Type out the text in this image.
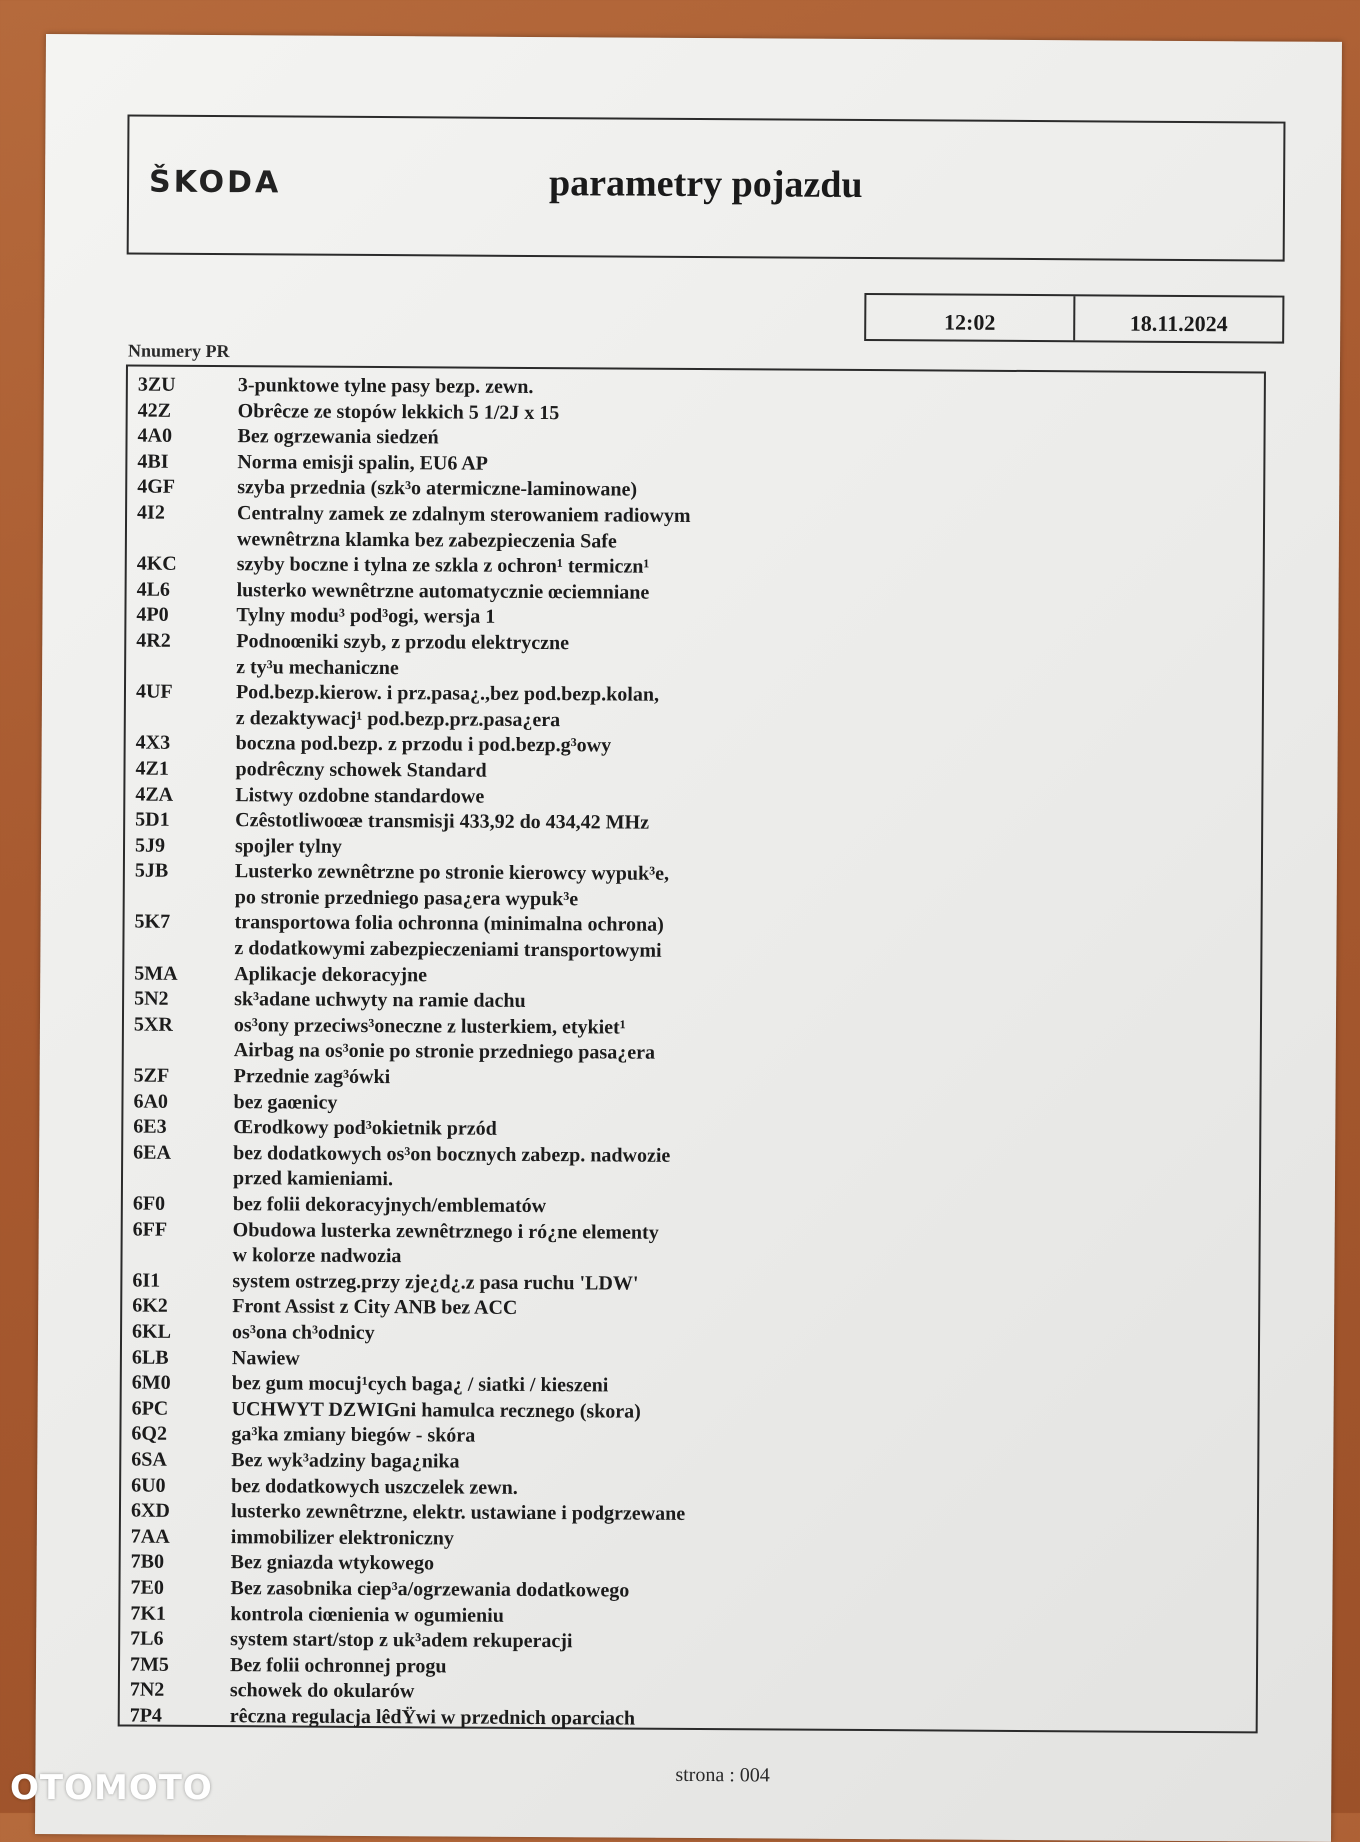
ŠKODA	parametry pojazdu
12:02	18.11.2024
Nnumery PR
3ZU	3-punktowe tylne pasy bezp. zewn.
42Z	Obrêcze ze stopów lekkich 5 1/2J x 15
4A0	Bez ogrzewania siedzeń
4BI	Norma emisji spalin, EU6 AP
4GF	szyba przednia (szk³o atermiczne-laminowane)
4I2	Centralny zamek ze zdalnym sterowaniem radiowym
wewnêtrzna klamka bez zabezpieczenia Safe
4KC	szyby boczne i tylna ze szkla z ochron¹ termiczn¹
4L6	lusterko wewnêtrzne automatycznie œciemniane
4P0	Tylny modu³ pod³ogi, wersja 1
4R2	Podnoœniki szyb, z przodu elektryczne
z ty³u mechaniczne
4UF	Pod.bezp.kierow. i prz.pasa¿.,bez pod.bezp.kolan,
z dezaktywacj¹ pod.bezp.prz.pasa¿era
4X3	boczna pod.bezp. z przodu i pod.bezp.g³owy
4Z1	podrêczny schowek Standard
4ZA	Listwy ozdobne standardowe
5D1	Czêstotliwoœæ transmisji 433,92 do 434,42 MHz
5J9	spojler tylny
5JB	Lusterko zewnêtrzne po stronie kierowcy wypuk³e,
po stronie przedniego pasa¿era wypuk³e
5K7	transportowa folia ochronna (minimalna ochrona)
z dodatkowymi zabezpieczeniami transportowymi
5MA	Aplikacje dekoracyjne
5N2	sk³adane uchwyty na ramie dachu
5XR	os³ony przeciws³oneczne z lusterkiem, etykiet¹
Airbag na os³onie po stronie przedniego pasa¿era
5ZF	Przednie zag³ówki
6A0	bez gaœnicy
6E3	Œrodkowy pod³okietnik przód
6EA	bez dodatkowych os³on bocznych zabezp. nadwozie
przed kamieniami.
6F0	bez folii dekoracyjnych/emblematów
6FF	Obudowa lusterka zewnêtrznego i ró¿ne elementy
w kolorze nadwozia
6I1	system ostrzeg.przy zje¿d¿.z pasa ruchu 'LDW'
6K2	Front Assist z City ANB bez ACC
6KL	os³ona ch³odnicy
6LB	Nawiew
6M0	bez gum mocuj¹cych baga¿ / siatki / kieszeni
6PC	UCHWYT DZWIGni hamulca recznego (skora)
6Q2	ga³ka zmiany biegów - skóra
6SA	Bez wyk³adziny baga¿nika
6U0	bez dodatkowych uszczelek zewn.
6XD	lusterko zewnêtrzne, elektr. ustawiane i podgrzewane
7AA	immobilizer elektroniczny
7B0	Bez gniazda wtykowego
7E0	Bez zasobnika ciep³a/ogrzewania dodatkowego
7K1	kontrola ciœnienia w ogumieniu
7L6	system start/stop z uk³adem rekuperacji
7M5	Bez folii ochronnej progu
7N2	schowek do okularów
7P4	rêczna regulacja lêdŸwi w przednich oparciach
strona : 004
OTOMOTO
